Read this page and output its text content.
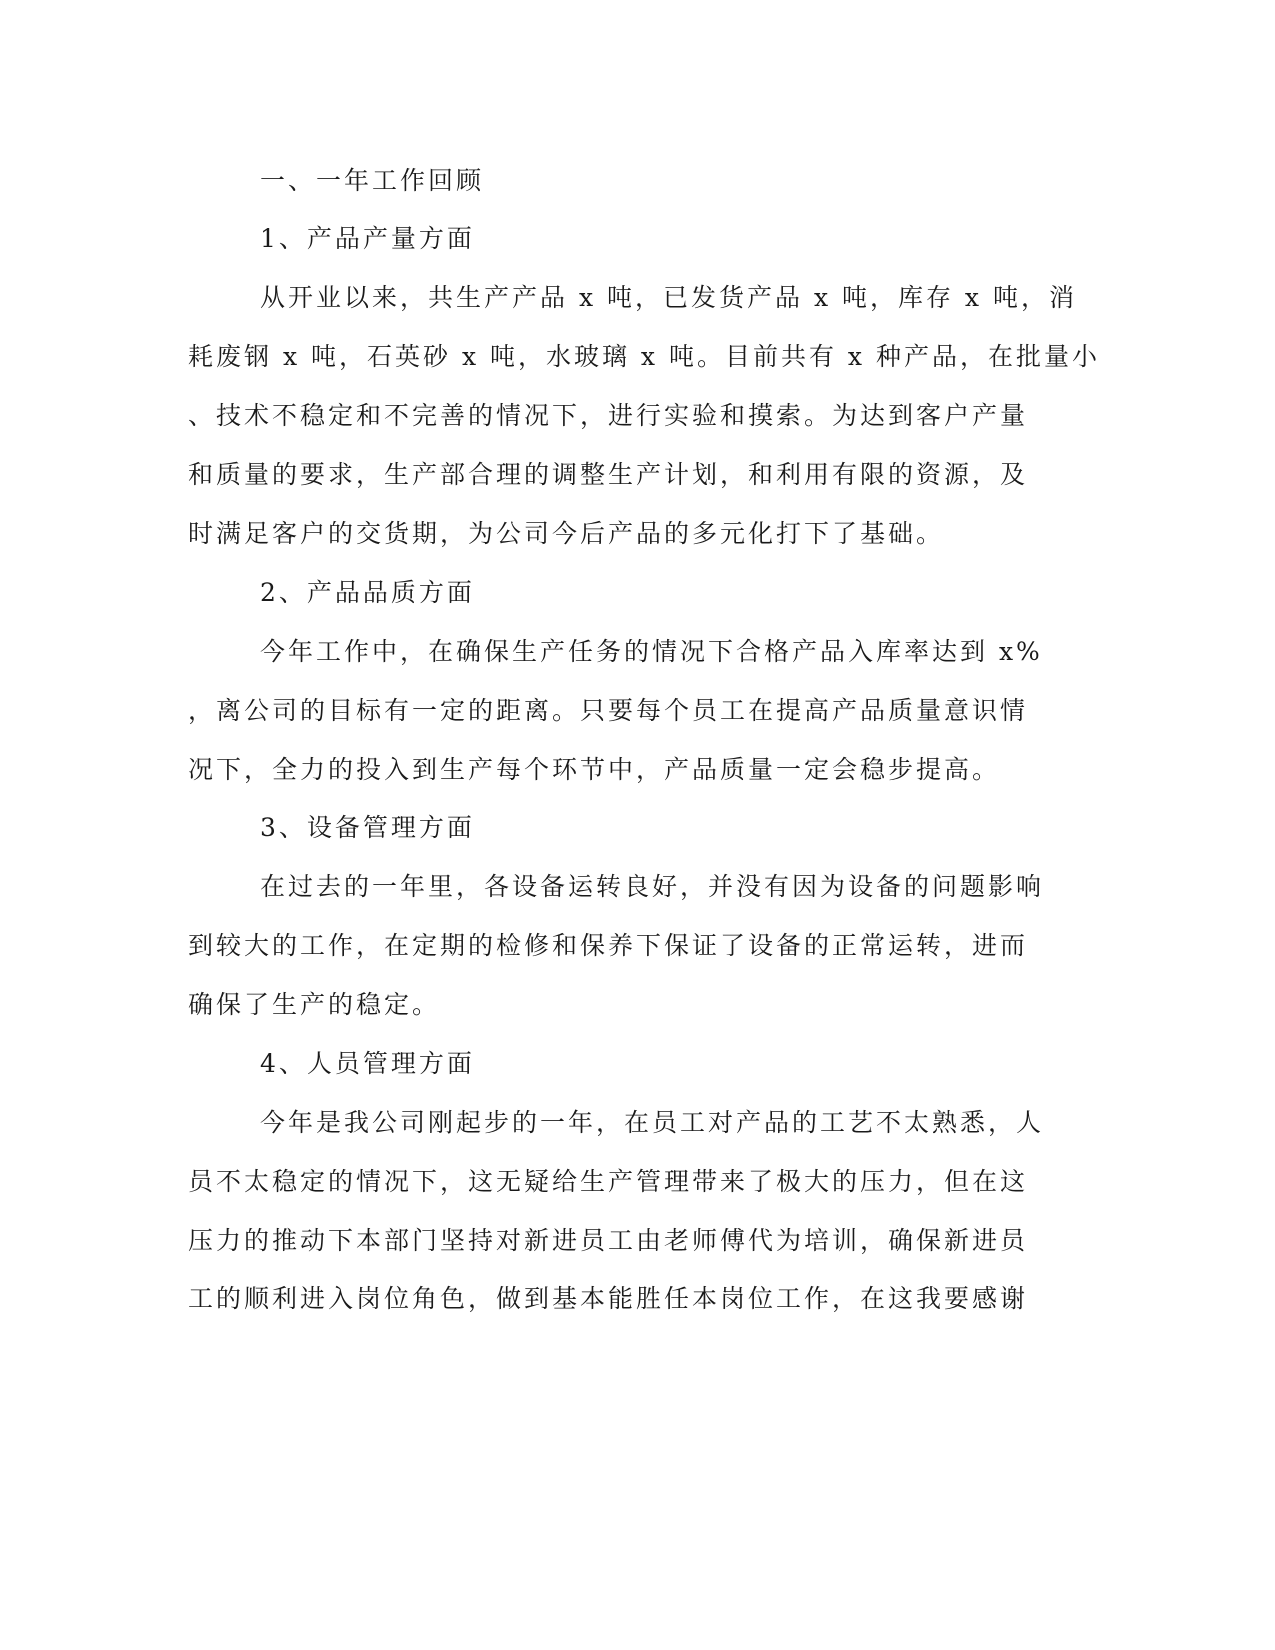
一、一年工作回顾
1、产品产量方面
从开业以来，共生产产品 x 吨，已发货产品 x 吨，库存 x 吨，消
耗废钢 x 吨，石英砂 x 吨，水玻璃 x 吨。目前共有 x 种产品，在批量小
、技术不稳定和不完善的情况下，进行实验和摸索。为达到客户产量
和质量的要求，生产部合理的调整生产计划，和利用有限的资源，及
时满足客户的交货期，为公司今后产品的多元化打下了基础。
2、产品品质方面
今年工作中，在确保生产任务的情况下合格产品入库率达到 x%
，离公司的目标有一定的距离。只要每个员工在提高产品质量意识情
况下，全力的投入到生产每个环节中，产品质量一定会稳步提高。
3、设备管理方面
在过去的一年里，各设备运转良好，并没有因为设备的问题影响
到较大的工作，在定期的检修和保养下保证了设备的正常运转，进而
确保了生产的稳定。
4、人员管理方面
今年是我公司刚起步的一年，在员工对产品的工艺不太熟悉，人
员不太稳定的情况下，这无疑给生产管理带来了极大的压力，但在这
压力的推动下本部门坚持对新进员工由老师傅代为培训，确保新进员
工的顺利进入岗位角色，做到基本能胜任本岗位工作，在这我要感谢
